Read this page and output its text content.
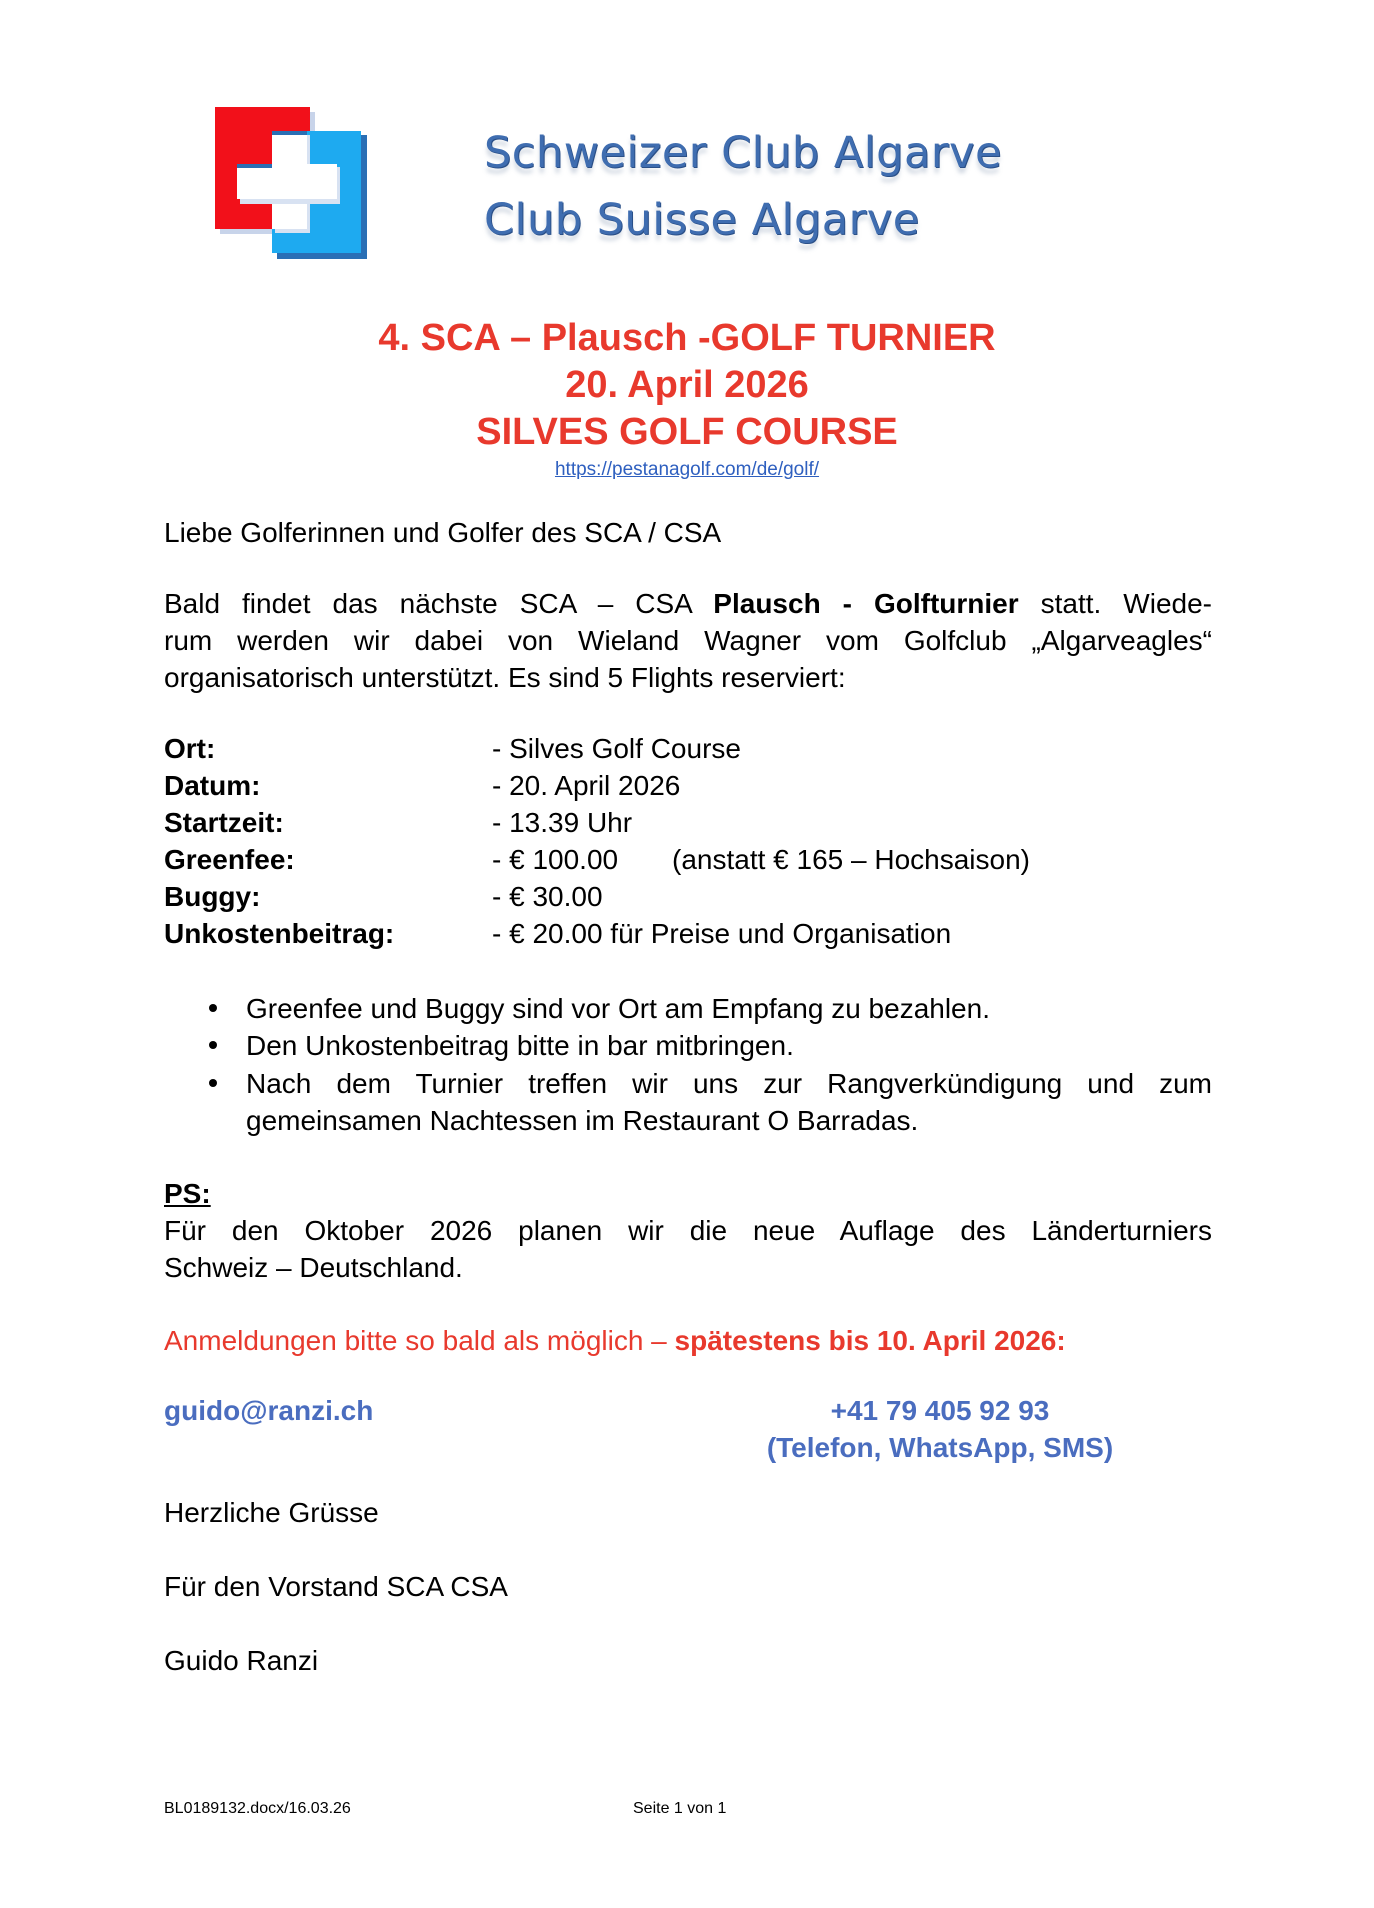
Schweizer Club Algarve
Club Suisse Algarve
4. SCA – Plausch -GOLF TURNIER
20. April 2026
SILVES GOLF COURSE
https://pestanagolf.com/de/golf/
Liebe Golferinnen und Golfer des SCA / CSA
Bald findet das nächste SCA – CSA Plausch - Golfturnier statt. Wiede-
rum werden wir dabei von Wieland Wagner vom Golfclub „Algarveagles“
organisatorisch unterstützt. Es sind 5 Flights reserviert:
Ort:	- Silves Golf Course
Datum:	- 20. April 2026
Startzeit:	- 13.39 Uhr
Greenfee:	- € 100.00 (anstatt € 165 – Hochsaison)
Buggy:	- € 30.00
Unkostenbeitrag:	- € 20.00 für Preise und Organisation
Greenfee und Buggy sind vor Ort am Empfang zu bezahlen.
Den Unkostenbeitrag bitte in bar mitbringen.
Nach dem Turnier treffen wir uns zur Rangverkündigung und zum
gemeinsamen Nachtessen im Restaurant O Barradas.
PS:
Für den Oktober 2026 planen wir die neue Auflage des Länderturniers
Schweiz – Deutschland.
Anmeldungen bitte so bald als möglich – spätestens bis 10. April 2026:
guido@ranzi.ch	+41 79 405 92 93
(Telefon, WhatsApp, SMS)
Herzliche Grüsse
Für den Vorstand SCA CSA
Guido Ranzi
BL0189132.docx/16.03.26	Seite 1 von 1
